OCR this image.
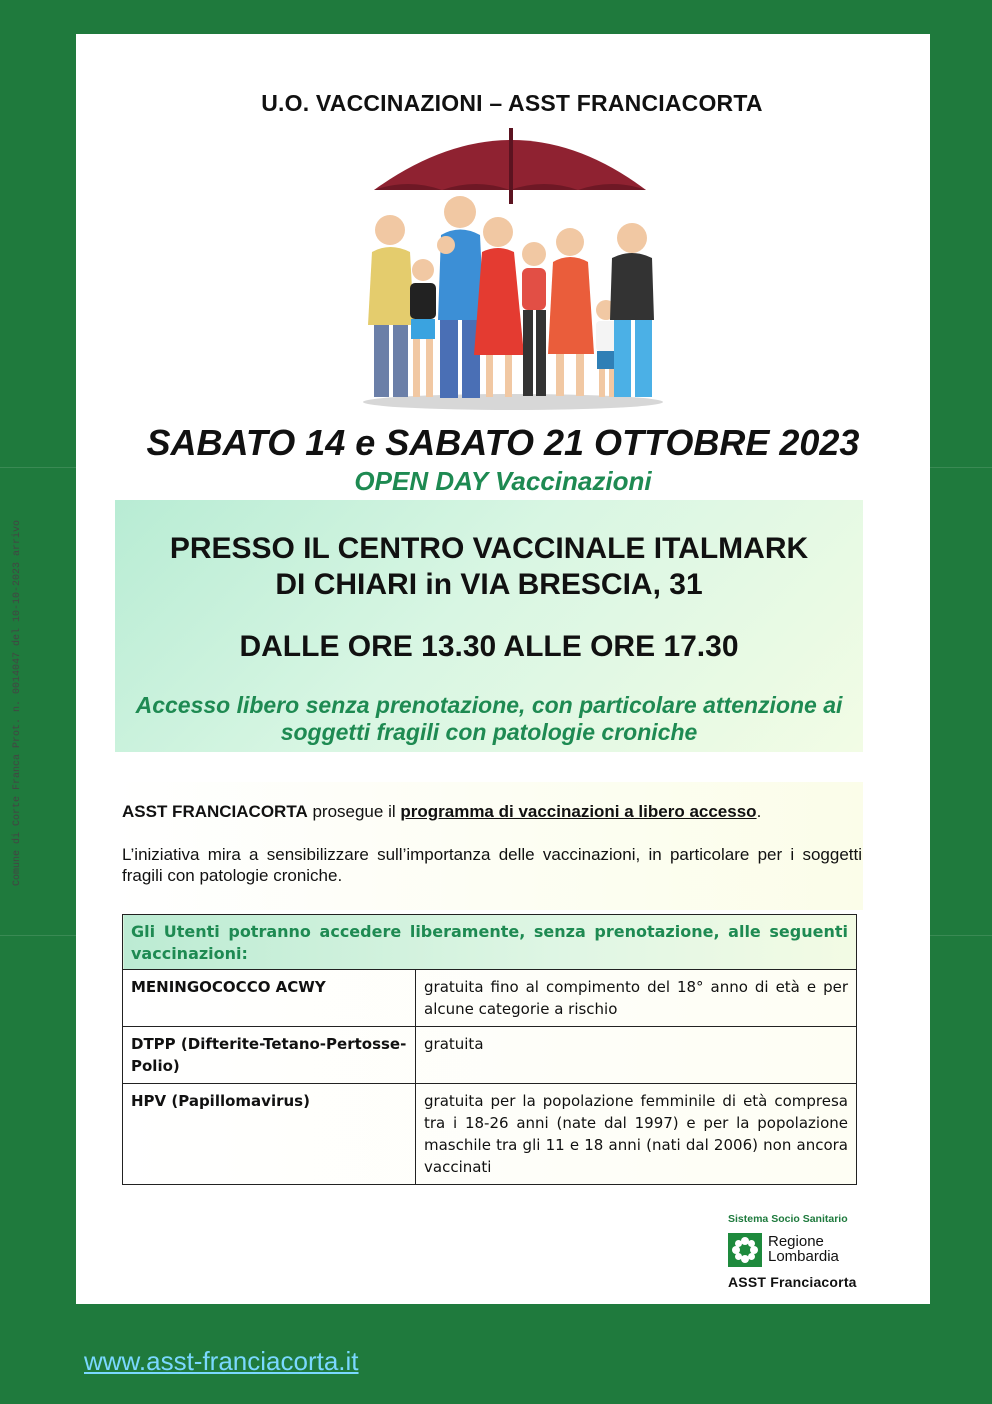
Comune di Corte Franca Prot. n. 0014047 del 10-10-2023 arrivo
U.O. VACCINAZIONI – ASST FRANCIACORTA
SABATO 14 e SABATO 21 OTTOBRE 2023
OPEN DAY Vaccinazioni
PRESSO IL CENTRO VACCINALE ITALMARK
DI CHIARI in VIA BRESCIA, 31
DALLE ORE 13.30 ALLE ORE 17.30
Accesso libero senza prenotazione, con particolare attenzione ai
soggetti fragili con patologie croniche
ASST FRANCIACORTA prosegue il programma di vaccinazioni a libero accesso.
L’iniziativa mira a sensibilizzare sull’importanza delle vaccinazioni, in particolare per i soggetti fragili con patologie croniche.
Gli Utenti potranno accedere liberamente, senza prenotazione, alle seguenti vaccinazioni:	
MENINGOCOCCO ACWY	gratuita fino al compimento del 18° anno di età e per alcune categorie a rischio
DTPP (Difterite-Tetano-Pertosse-Polio)	gratuita
HPV (Papillomavirus)	gratuita per la popolazione femminile di età compresa tra i 18-26 anni (nate dal 1997) e per la popolazione maschile tra gli 11 e 18 anni (nati dal 2006) non ancora vaccinati
Sistema Socio Sanitario
Regione
Lombardia
ASST Franciacorta
www.asst-franciacorta.it
